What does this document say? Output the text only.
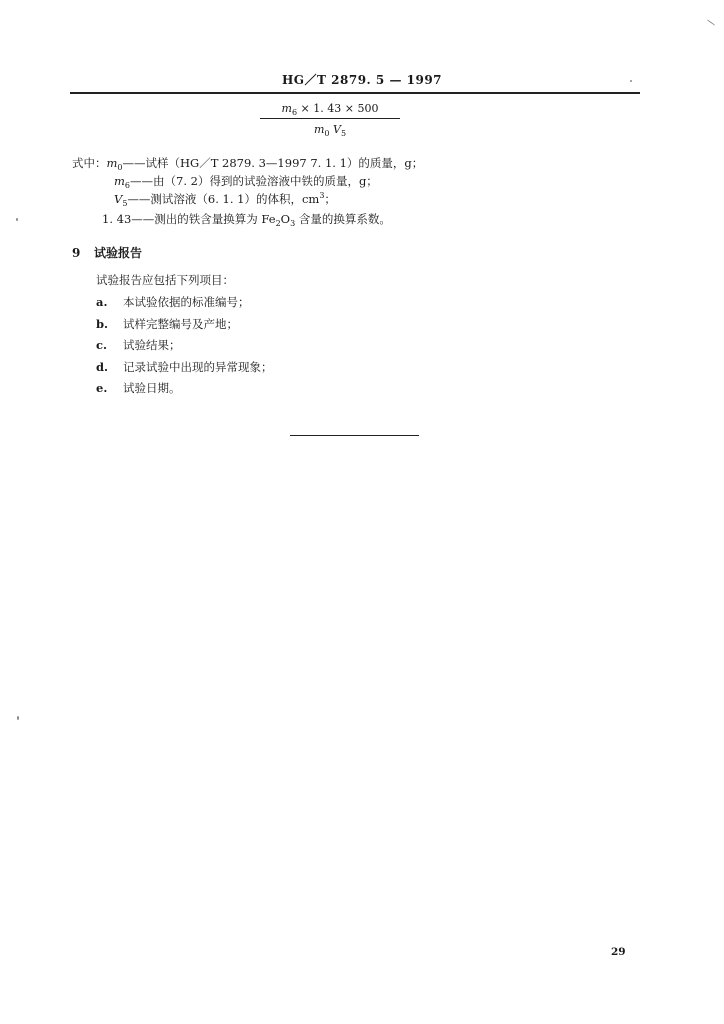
HG／T 2879. 5 — 1997
$m_6 \times 1$. 43 × 500
$m_0$ $V_5$
式中：$m_0——$试样（HG／T 2879. 3—1997 7. 1. 1）的质量，g；
$m_6——$由（7. 2）得到的试验溶液中铁的质量，g；
$V_5——$测试溶液（6. 1. 1）的体积，$cm^3$；
1. 43——测出的铁含量换算为 $Fe_2O_3$ 含量的换算系数。
9 试验报告
试验报告应包括下列项目：
a. 本试验依据的标准编号；
b. 试样完整编号及产地；
c. 试验结果；
d. 记录试验中出现的异常现象；
e. 试验日期。
29
